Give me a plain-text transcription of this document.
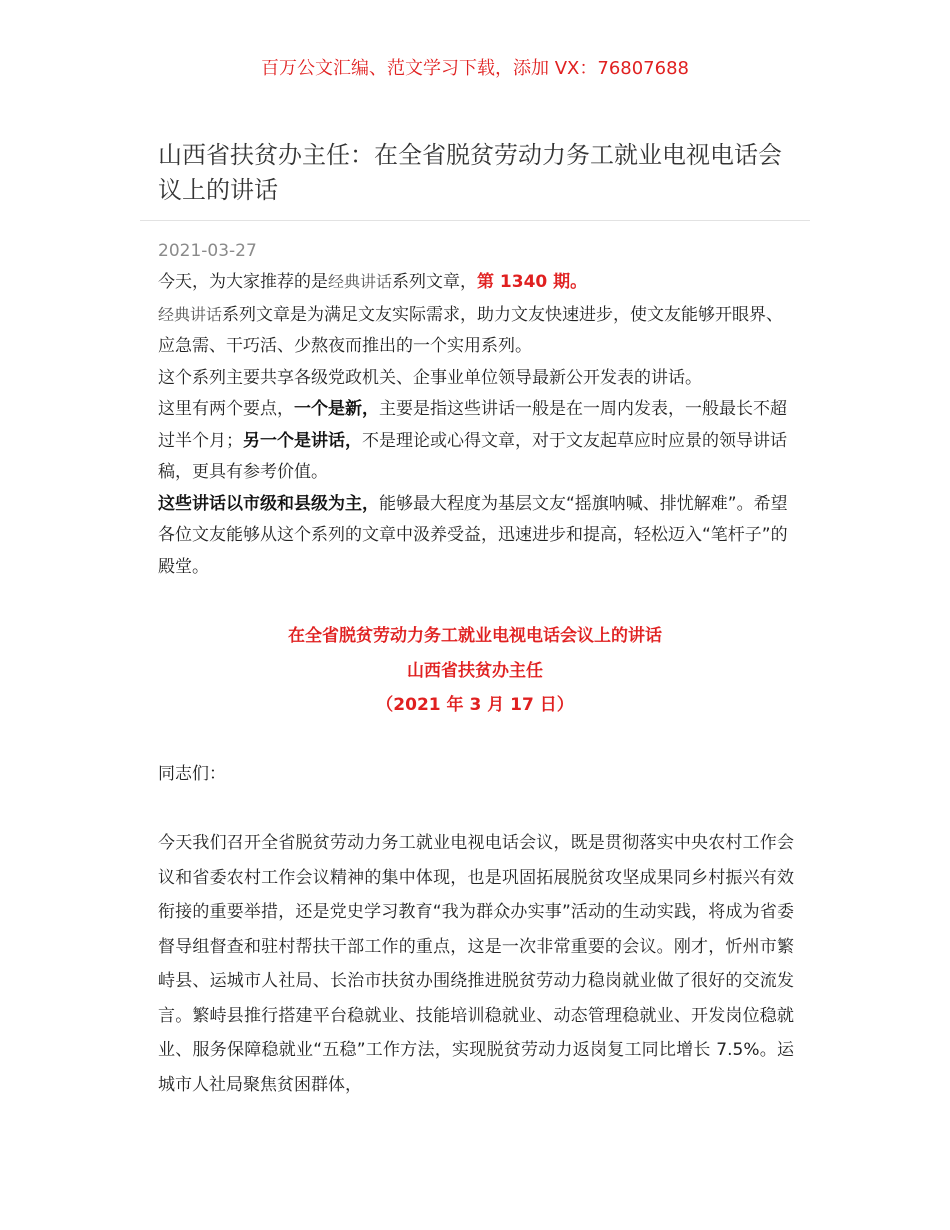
百万公文汇编、范文学习下载，添加 VX：76807688
山西省扶贫办主任：在全省脱贫劳动力务工就业电视电话会议上的讲话
2021-03-27

今天，为大家推荐的是经典讲话系列文章，第 1340 期。

经典讲话系列文章是为满足文友实际需求，助力文友快速进步，使文友能够开眼界、应急需、干巧活、少熬夜而推出的一个实用系列。

这个系列主要共享各级党政机关、企事业单位领导最新公开发表的讲话。

这里有两个要点，一个是新，主要是指这些讲话一般是在一周内发表，一般最长不超过半个月；另一个是讲话，不是理论或心得文章，对于文友起草应时应景的领导讲话稿，更具有参考价值。

这些讲话以市级和县级为主，能够最大程度为基层文友“摇旗呐喊、排忧解难”。希望各位文友能够从这个系列的文章中汲养受益，迅速进步和提高，轻松迈入“笔杆子”的殿堂。

在全省脱贫劳动力务工就业电视电话会议上的讲话
山西省扶贫办主任
（2021 年 3 月 17 日）
同志们：

今天我们召开全省脱贫劳动力务工就业电视电话会议，既是贯彻落实中央农村工作会议和省委农村工作会议精神的集中体现，也是巩固拓展脱贫攻坚成果同乡村振兴有效衔接的重要举措，还是党史学习教育“我为群众办实事”活动的生动实践，将成为省委督导组督查和驻村帮扶干部工作的重点，这是一次非常重要的会议。刚才，忻州市繁峙县、运城市人社局、长治市扶贫办围绕推进脱贫劳动力稳岗就业做了很好的交流发言。繁峙县推行搭建平台稳就业、技能培训稳就业、动态管理稳就业、开发岗位稳就业、服务保障稳就业“五稳”工作方法，实现脱贫劳动力返岗复工同比增长 7.5%。运城市人社局聚焦贫困群体，
